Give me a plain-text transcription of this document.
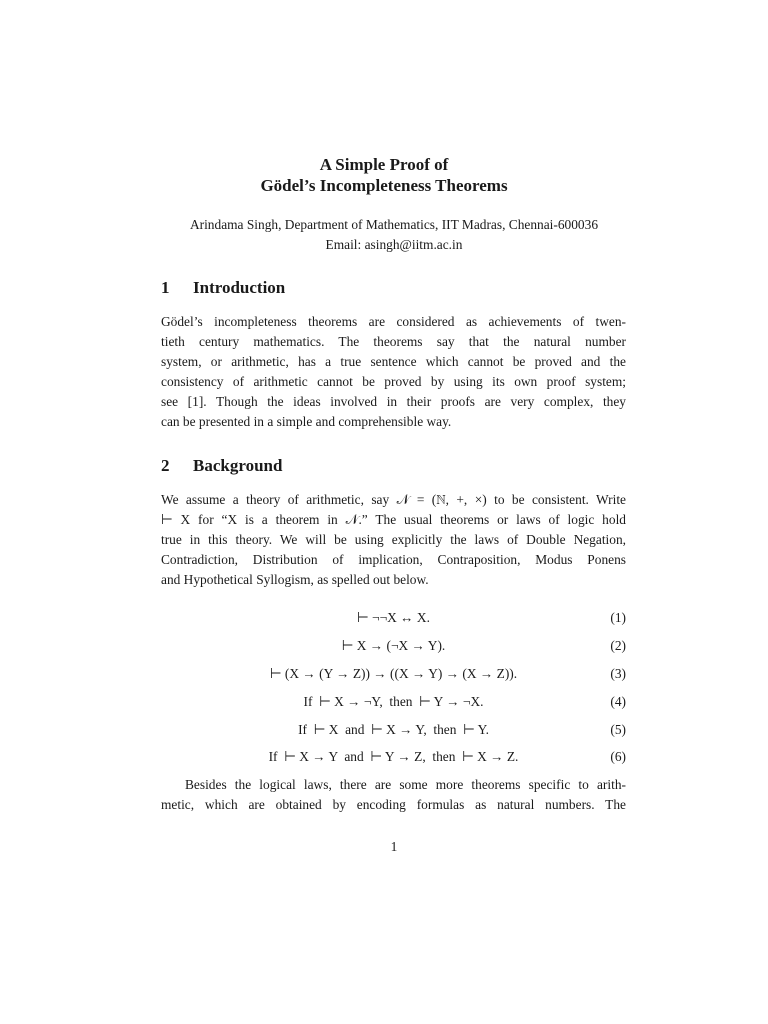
A Simple Proof of
Gödel’s Incompleteness Theorems
Arindama Singh, Department of Mathematics, IIT Madras, Chennai-600036
Email: asingh@iitm.ac.in
1 Introduction
Gödel’s incompleteness theorems are considered as achievements of twen-
tieth century mathematics. The theorems say that the natural number
system, or arithmetic, has a true sentence which cannot be proved and the
consistency of arithmetic cannot be proved by using its own proof system;
see [1]. Though the ideas involved in their proofs are very complex, they
can be presented in a simple and comprehensible way.
2 Background
We assume a theory of arithmetic, say 𝒩 = (ℕ, +, ×) to be consistent. Write
⊢ X for “X is a theorem in 𝒩.” The usual theorems or laws of logic hold
true in this theory. We will be using explicitly the laws of Double Negation,
Contradiction, Distribution of implication, Contraposition, Modus Ponens
and Hypothetical Syllogism, as spelled out below.
⊢ ¬¬X ↔ X.	(1)
⊢ X → (¬X → Y).	(2)
⊢ (X → (Y → Z)) → ((X → Y) → (X → Z)).	(3)
If  ⊢ X → ¬Y,  then  ⊢ Y → ¬X.	(4)
If  ⊢ X  and  ⊢ X → Y,  then  ⊢ Y.	(5)
If  ⊢ X → Y  and  ⊢ Y → Z,  then  ⊢ X → Z.	(6)
Besides the logical laws, there are some more theorems specific to arith-
metic, which are obtained by encoding formulas as natural numbers. The
1
